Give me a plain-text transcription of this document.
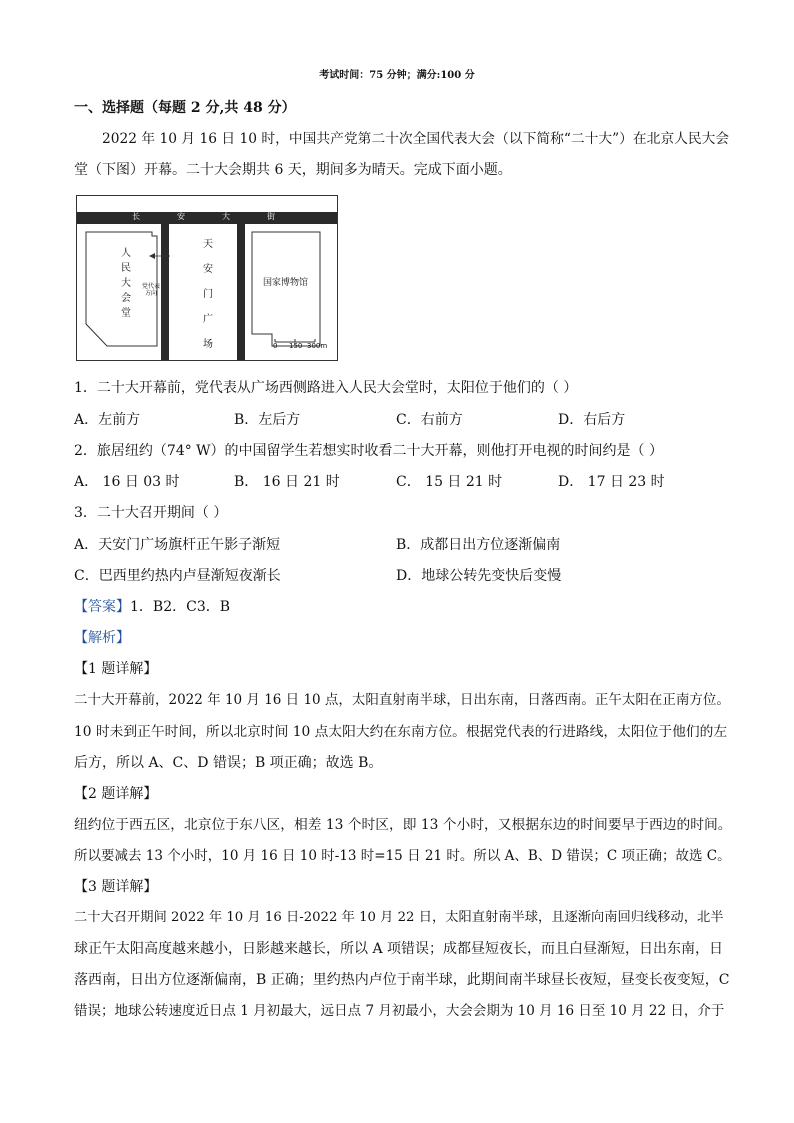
考试时间：75 分钟；满分:100 分
一、选择题（每题 2 分,共 48 分）
2022 年 10 月 16 日 10 时，中国共产党第二十次全国代表大会（以下简称“二十大”）在北京人民大会
堂（下图）开幕。二十大会期共 6 天，期间多为晴天。完成下面小题。
长	安	大	街
人
民
大
会
堂
党代表
方向
天
安
门
广
场
国家博物馆
0 150 300m
1．二十大开幕前，党代表从广场西侧路进入人民大会堂时，太阳位于他们的（ ）
A．左前方	B．左后方	C．右前方	D．右后方
2．旅居纽约（74° W）的中国留学生若想实时收看二十大开幕，则他打开电视的时间约是（ ）
A． 16 日 03 时	B． 16 日 21 时	C． 15 日 21 时	D． 17 日 23 时
3．二十大召开期间（ ）
A．天安门广场旗杆正午影子渐短	B．成都日出方位逐渐偏南
C．巴西里约热内卢昼渐短夜渐长	D．地球公转先变快后变慢
【答案】1．B2．C3．B
【解析】
【1 题详解】
二十大开幕前，2022 年 10 月 16 日 10 点，太阳直射南半球，日出东南，日落西南。正午太阳在正南方位。
10 时未到正午时间，所以北京时间 10 点太阳大约在东南方位。根据党代表的行进路线，太阳位于他们的左
后方，所以 A、C、D 错误；B 项正确；故选 B。
【2 题详解】
纽约位于西五区，北京位于东八区，相差 13 个时区，即 13 个小时，又根据东边的时间要早于西边的时间。
所以要减去 13 个小时，10 月 16 日 10 时-13 时=15 日 21 时。所以 A、B、D 错误；C 项正确；故选 C。
【3 题详解】
二十大召开期间 2022 年 10 月 16 日-2022 年 10 月 22 日，太阳直射南半球，且逐渐向南回归线移动，北半
球正午太阳高度越来越小，日影越来越长，所以 A 项错误；成都昼短夜长，而且白昼渐短，日出东南，日
落西南，日出方位逐渐偏南，B 正确；里约热内卢位于南半球，此期间南半球昼长夜短，昼变长夜变短，C
错误；地球公转速度近日点 1 月初最大，远日点 7 月初最小，大会会期为 10 月 16 日至 10 月 22 日，介于
